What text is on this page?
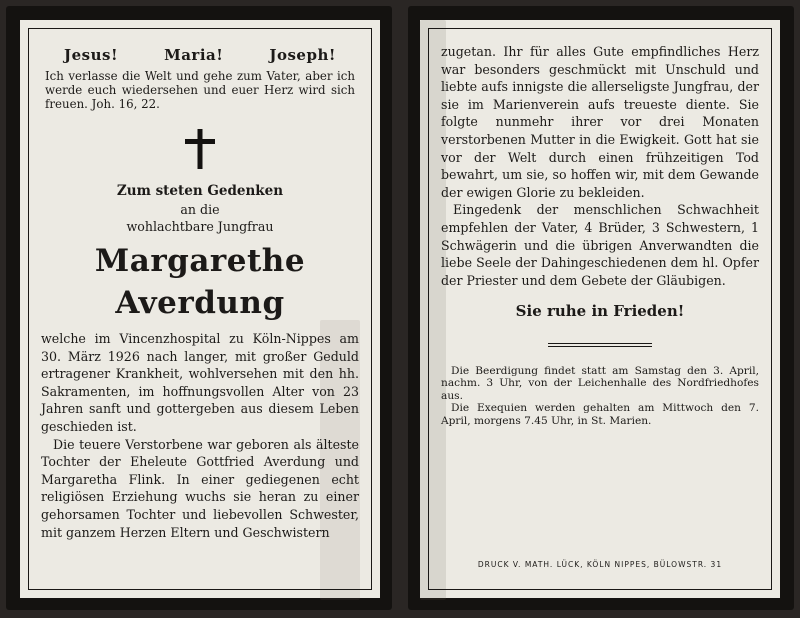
Jesus!	Maria!	Joseph!

Ich verlasse die Welt und gehe zum Vater, aber ich werde euch wiedersehen und euer Herz wird sich freuen. Joh. 16, 22.

Zum steten Gedenken
an die
wohlachtbare Jungfrau
Margarethe Averdung

welche im Vincenzhospital zu Köln-Nippes am 30. März 1926 nach langer, mit großer Geduld ertragener Krankheit, wohlversehen mit den hh. Sakramenten, im hoffnungsvollen Alter von 23 Jahren sanft und gottergeben aus diesem Leben geschieden ist.

Die teuere Verstorbene war geboren als älteste Tochter der Eheleute Gottfried Averdung und Margaretha Flink. In einer gediegenen echt religiösen Erziehung wuchs sie heran zu einer gehorsamen Tochter und liebevollen Schwester, mit ganzem Herzen Eltern und Geschwistern

zugetan. Ihr für alles Gute empfindliches Herz war besonders geschmückt mit Unschuld und liebte aufs innigste die allerseligste Jungfrau, der sie im Marienverein aufs treueste diente. Sie folgte nunmehr ihrer vor drei Monaten verstorbenen Mutter in die Ewigkeit. Gott hat sie vor der Welt durch einen frühzeitigen Tod bewahrt, um sie, so hoffen wir, mit dem Gewande der ewigen Glorie zu bekleiden.

Eingedenk der menschlichen Schwachheit empfehlen der Vater, 4 Brüder, 3 Schwestern, 1 Schwägerin und die übrigen Anverwandten die liebe Seele der Dahingeschiedenen dem hl. Opfer der Priester und dem Gebete der Gläubigen.

Sie ruhe in Frieden!

Die Beerdigung findet statt am Samstag den 3. April, nachm. 3 Uhr, von der Leichenhalle des Nordfriedhofes aus.

Die Exequien werden gehalten am Mittwoch den 7. April, morgens 7.45 Uhr, in St. Marien.

DRUCK V. MATH. LÜCK, KÖLN NIPPES, BÜLOWSTR. 31
